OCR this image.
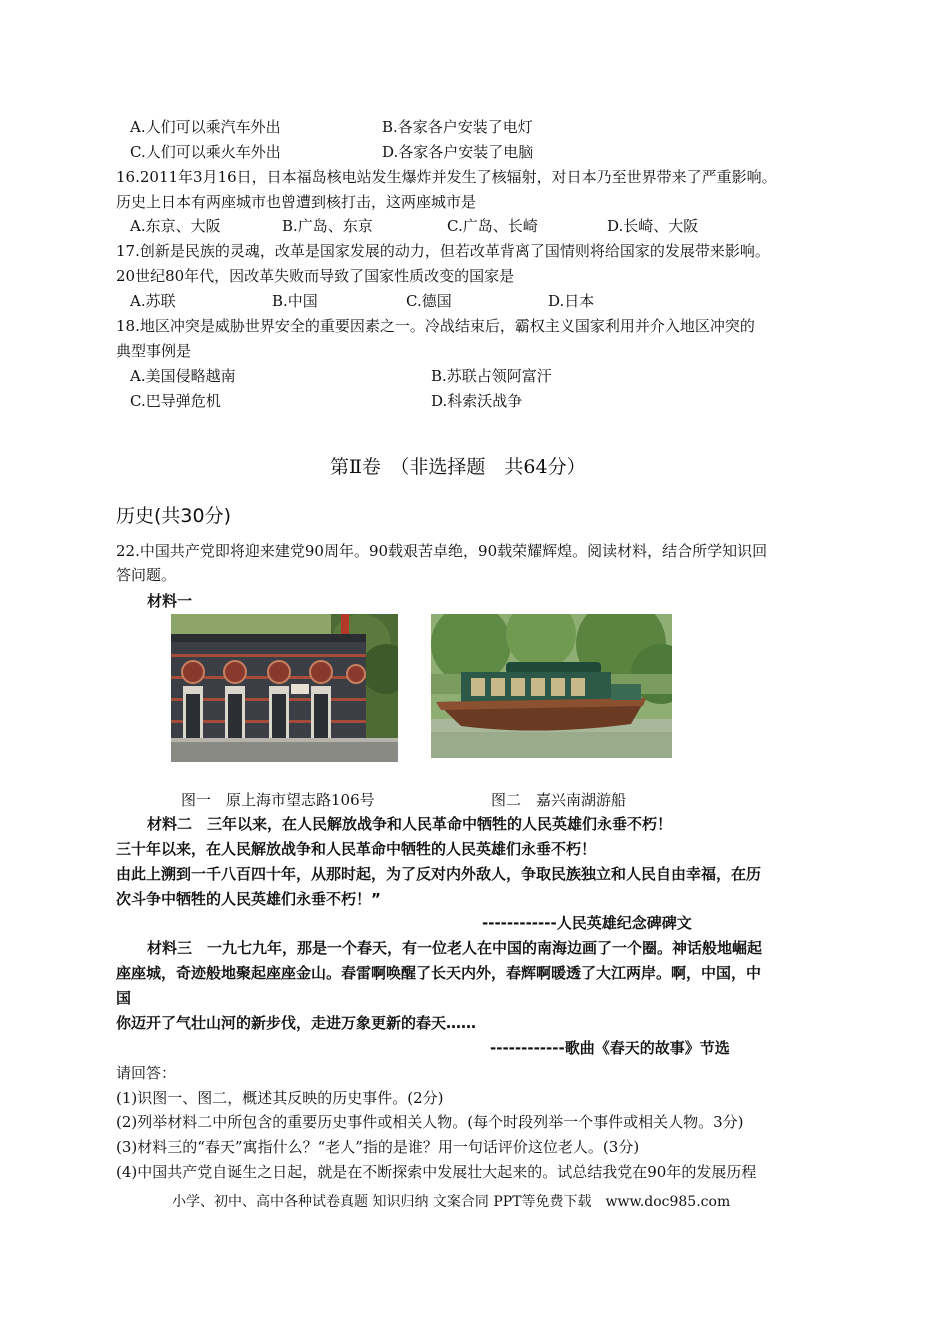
A.人们可以乘汽车外出	B.各家各户安装了电灯
C.人们可以乘火车外出	D.各家各户安装了电脑
16.2011年3月16日，日本福岛核电站发生爆炸并发生了核辐射，对日本乃至世界带来了严重影响。
历史上日本有两座城市也曾遭到核打击，这两座城市是
A.东京、大阪	B.广岛、东京	C.广岛、长崎	D.长崎、大阪
17.创新是民族的灵魂，改革是国家发展的动力，但若改革背离了国情则将给国家的发展带来影响。
20世纪80年代，因改革失败而导致了国家性质改变的国家是
A.苏联	B.中国	C.德国	D.日本
18.地区冲突是威胁世界安全的重要因素之一。冷战结束后，霸权主义国家利用并介入地区冲突的
典型事例是
A.美国侵略越南	B.苏联占领阿富汗
C.巴导弹危机	D.科索沃战争
第Ⅱ卷　（非选择题　共64分）
历史(共30分)
22.中国共产党即将迎来建党90周年。90载艰苦卓绝，90载荣耀辉煌。阅读材料，结合所学知识回
答问题。
材料一
图一　原上海市望志路106号	图二　嘉兴南湖游船
材料二　三年以来，在人民解放战争和人民革命中牺牲的人民英雄们永垂不朽！
三十年以来，在人民解放战争和人民革命中牺牲的人民英雄们永垂不朽！
由此上溯到一千八百四十年，从那时起，为了反对内外敌人，争取民族独立和人民自由幸福，在历
次斗争中牺牲的人民英雄们永垂不朽！”
------------人民英雄纪念碑碑文
材料三　一九七九年，那是一个春天，有一位老人在中国的南海边画了一个圈。神话般地崛起
座座城，奇迹般地聚起座座金山。春雷啊唤醒了长天内外，春辉啊暖透了大江两岸。啊，中国，中
国
你迈开了气壮山河的新步伐，走进万象更新的春天……
------------歌曲《春天的故事》节选
请回答：
(1)识图一、图二，概述其反映的历史事件。(2分)
(2)列举材料二中所包含的重要历史事件或相关人物。(每个时段列举一个事件或相关人物。3分)
(3)材料三的“春天”寓指什么？“老人”指的是谁？用一句话评价这位老人。(3分)
(4)中国共产党自诞生之日起，就是在不断探索中发展壮大起来的。试总结我党在90年的发展历程
小学、初中、高中各种试卷真题 知识归纳 文案合同 PPT等免费下载　www.doc985.com
